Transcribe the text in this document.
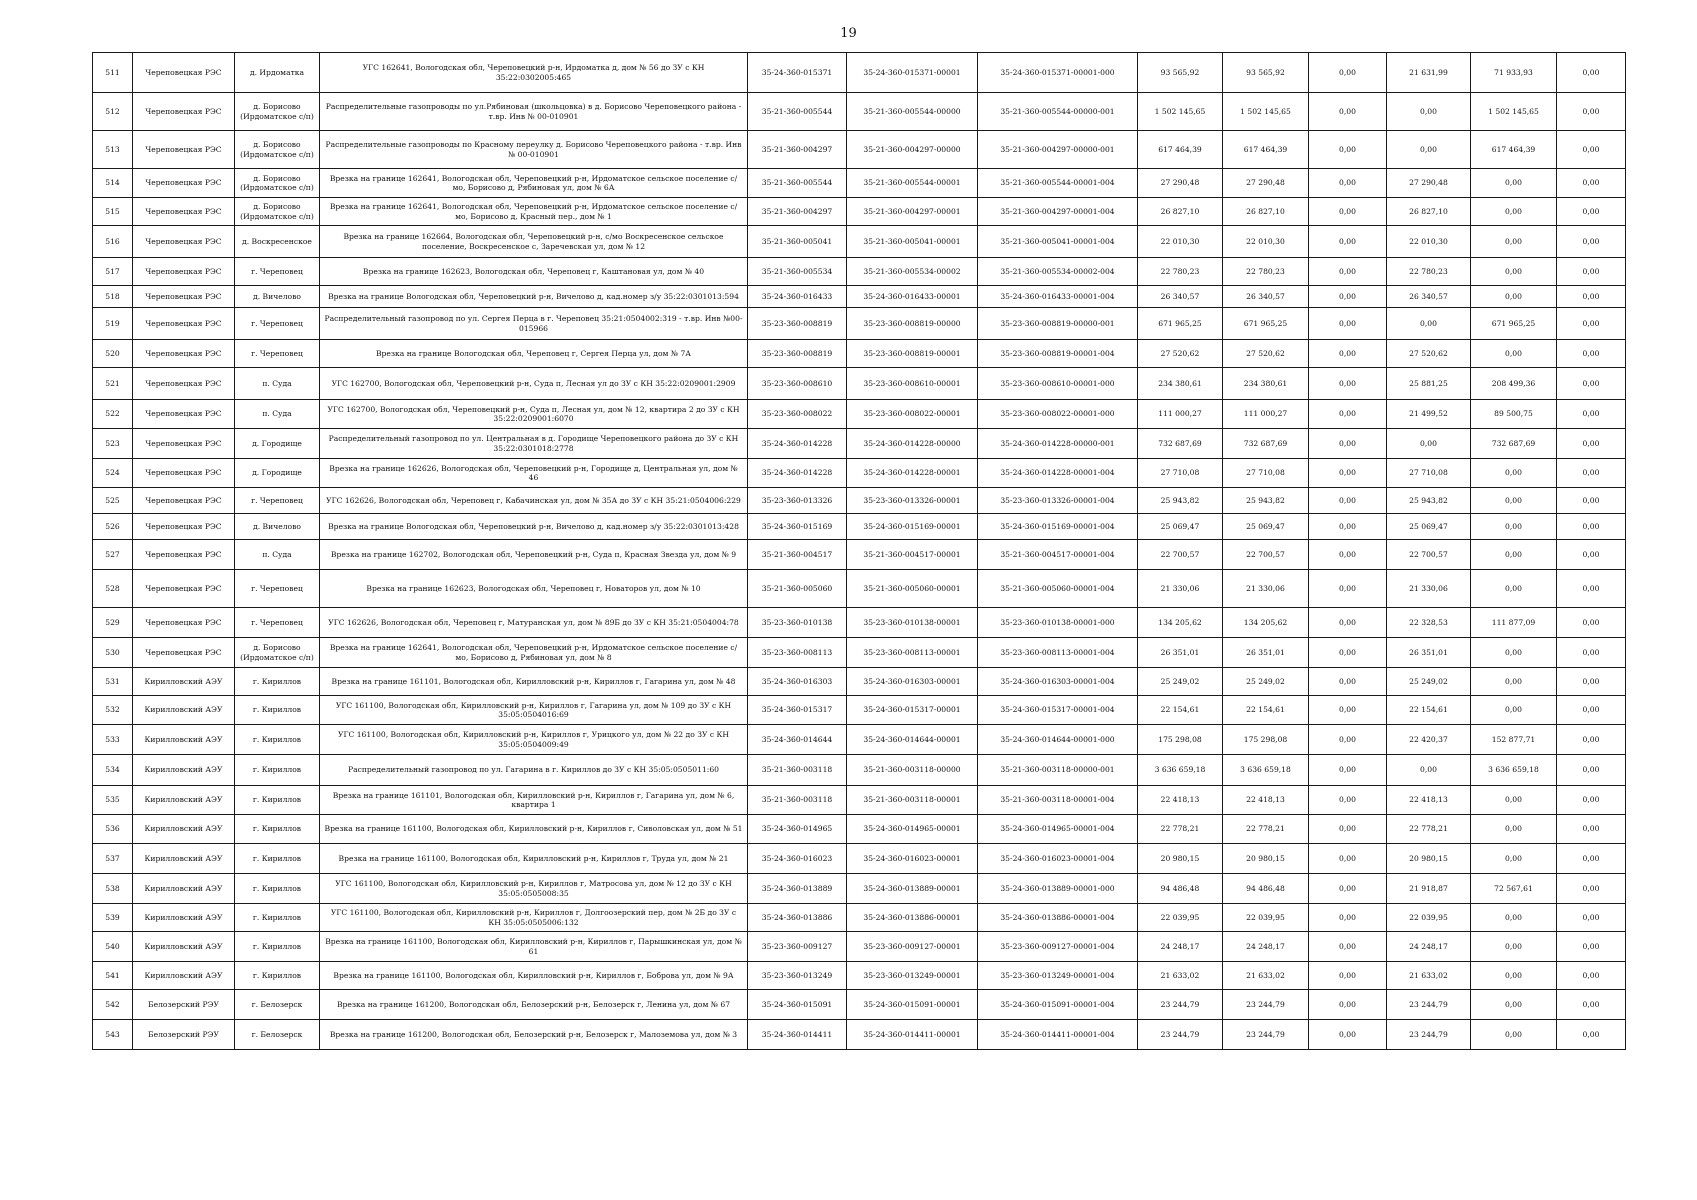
19
511	Череповецкая РЭС	д. Ирдоматка	УГС 162641, Вологодская обл, Череповецкий р-н, Ирдоматка д, дом № 56 до ЗУ с КН 35:22:0302005:465	35-24-360-015371	35-24-360-015371-00001	35-24-360-015371-00001-000	93 565,92	93 565,92	0,00	21 631,99	71 933,93	0,00
512	Череповецкая РЭС	д. Борисово (Ирдоматское с/п)	Распределительные газопроводы по ул.Рябиновая (школьцовка) в д. Борисово Череповецкого района - т.вр. Инв № 00-010901	35-21-360-005544	35-21-360-005544-00000	35-21-360-005544-00000-001	1 502 145,65	1 502 145,65	0,00	0,00	1 502 145,65	0,00
513	Череповецкая РЭС	д. Борисово (Ирдоматское с/п)	Распределительные газопроводы по Красному переулку д. Борисово Череповецкого района - т.вр. Инв № 00-010901	35-21-360-004297	35-21-360-004297-00000	35-21-360-004297-00000-001	617 464,39	617 464,39	0,00	0,00	617 464,39	0,00
514	Череповецкая РЭС	д. Борисово (Ирдоматское с/п)	Врезка на границе 162641, Вологодская обл, Череповецкий р-н, Ирдоматское сельское поселение с/мо, Борисово д, Рябиновая ул, дом № 6А	35-21-360-005544	35-21-360-005544-00001	35-21-360-005544-00001-004	27 290,48	27 290,48	0,00	27 290,48	0,00	0,00
515	Череповецкая РЭС	д. Борисово (Ирдоматское с/п)	Врезка на границе 162641, Вологодская обл, Череповецкий р-н, Ирдоматское сельское поселение с/мо, Борисово д, Красный пер., дом № 1	35-21-360-004297	35-21-360-004297-00001	35-21-360-004297-00001-004	26 827,10	26 827,10	0,00	26 827,10	0,00	0,00
516	Череповецкая РЭС	д. Воскресенское	Врезка на границе 162664, Вологодская обл, Череповецкий р-н, с/мо Воскресенское сельское поселение, Воскресенское с, Заречевская ул, дом № 12	35-21-360-005041	35-21-360-005041-00001	35-21-360-005041-00001-004	22 010,30	22 010,30	0,00	22 010,30	0,00	0,00
517	Череповецкая РЭС	г. Череповец	Врезка на границе 162623, Вологодская обл, Череповец г, Каштановая ул, дом № 40	35-21-360-005534	35-21-360-005534-00002	35-21-360-005534-00002-004	22 780,23	22 780,23	0,00	22 780,23	0,00	0,00
518	Череповецкая РЭС	д. Вичелово	Врезка на границе Вологодская обл, Череповецкий р-н, Вичелово д, кад.номер з/у 35:22:0301013:594	35-24-360-016433	35-24-360-016433-00001	35-24-360-016433-00001-004	26 340,57	26 340,57	0,00	26 340,57	0,00	0,00
519	Череповецкая РЭС	г. Череповец	Распределительный газопровод по ул. Сергея Перца в г. Череповец 35:21:0504002:319 - т.вр. Инв №00-015966	35-23-360-008819	35-23-360-008819-00000	35-23-360-008819-00000-001	671 965,25	671 965,25	0,00	0,00	671 965,25	0,00
520	Череповецкая РЭС	г. Череповец	Врезка на границе Вологодская обл, Череповец г, Сергея Перца ул, дом № 7А	35-23-360-008819	35-23-360-008819-00001	35-23-360-008819-00001-004	27 520,62	27 520,62	0,00	27 520,62	0,00	0,00
521	Череповецкая РЭС	п. Суда	УГС 162700, Вологодская обл, Череповецкий р-н, Суда п, Лесная ул до ЗУ с КН 35:22:0209001:2909	35-23-360-008610	35-23-360-008610-00001	35-23-360-008610-00001-000	234 380,61	234 380,61	0,00	25 881,25	208 499,36	0,00
522	Череповецкая РЭС	п. Суда	УГС 162700, Вологодская обл, Череповецкий р-н, Суда п, Лесная ул, дом № 12, квартира 2 до ЗУ с КН 35:22:0209001:6070	35-23-360-008022	35-23-360-008022-00001	35-23-360-008022-00001-000	111 000,27	111 000,27	0,00	21 499,52	89 500,75	0,00
523	Череповецкая РЭС	д. Городище	Распределительный газопровод по ул. Центральная в д. Городище Череповецкого района до ЗУ с КН 35:22:0301018:2778	35-24-360-014228	35-24-360-014228-00000	35-24-360-014228-00000-001	732 687,69	732 687,69	0,00	0,00	732 687,69	0,00
524	Череповецкая РЭС	д. Городище	Врезка на границе 162626, Вологодская обл, Череповецкий р-н, Городище д, Центральная ул, дом № 46	35-24-360-014228	35-24-360-014228-00001	35-24-360-014228-00001-004	27 710,08	27 710,08	0,00	27 710,08	0,00	0,00
525	Череповецкая РЭС	г. Череповец	УГС 162626, Вологодская обл, Череповец г, Кабачинская ул, дом № 35А до ЗУ с КН 35:21:0504006:229	35-23-360-013326	35-23-360-013326-00001	35-23-360-013326-00001-004	25 943,82	25 943,82	0,00	25 943,82	0,00	0,00
526	Череповецкая РЭС	д. Вичелово	Врезка на границе Вологодская обл, Череповецкий р-н, Вичелово д, кад.номер з/у 35:22:0301013:428	35-24-360-015169	35-24-360-015169-00001	35-24-360-015169-00001-004	25 069,47	25 069,47	0,00	25 069,47	0,00	0,00
527	Череповецкая РЭС	п. Суда	Врезка на границе 162702, Вологодская обл, Череповецкий р-н, Суда п, Красная Звезда ул, дом № 9	35-21-360-004517	35-21-360-004517-00001	35-21-360-004517-00001-004	22 700,57	22 700,57	0,00	22 700,57	0,00	0,00
528	Череповецкая РЭС	г. Череповец	Врезка на границе 162623, Вологодская обл, Череповец г, Новаторов ул, дом № 10	35-21-360-005060	35-21-360-005060-00001	35-21-360-005060-00001-004	21 330,06	21 330,06	0,00	21 330,06	0,00	0,00
529	Череповецкая РЭС	г. Череповец	УГС 162626, Вологодская обл, Череповец г, Матуранская ул, дом № 89Б до ЗУ с КН 35:21:0504004:78	35-23-360-010138	35-23-360-010138-00001	35-23-360-010138-00001-000	134 205,62	134 205,62	0,00	22 328,53	111 877,09	0,00
530	Череповецкая РЭС	д. Борисово (Ирдоматское с/п)	Врезка на границе 162641, Вологодская обл, Череповецкий р-н, Ирдоматское сельское поселение с/мо, Борисово д, Рябиновая ул, дом № 8	35-23-360-008113	35-23-360-008113-00001	35-23-360-008113-00001-004	26 351,01	26 351,01	0,00	26 351,01	0,00	0,00
531	Кирилловский АЭУ	г. Кириллов	Врезка на границе 161101, Вологодская обл, Кирилловский р-н, Кириллов г, Гагарина ул, дом № 48	35-24-360-016303	35-24-360-016303-00001	35-24-360-016303-00001-004	25 249,02	25 249,02	0,00	25 249,02	0,00	0,00
532	Кирилловский АЭУ	г. Кириллов	УГС 161100, Вологодская обл, Кирилловский р-н, Кириллов г, Гагарина ул, дом № 109 до ЗУ с КН 35:05:0504016:69	35-24-360-015317	35-24-360-015317-00001	35-24-360-015317-00001-004	22 154,61	22 154,61	0,00	22 154,61	0,00	0,00
533	Кирилловский АЭУ	г. Кириллов	УГС 161100, Вологодская обл, Кирилловский р-н, Кириллов г, Урицкого ул, дом № 22 до ЗУ с КН 35:05:0504009:49	35-24-360-014644	35-24-360-014644-00001	35-24-360-014644-00001-000	175 298,08	175 298,08	0,00	22 420,37	152 877,71	0,00
534	Кирилловский АЭУ	г. Кириллов	Распределительный газопровод по ул. Гагарина в г. Кириллов до ЗУ с КН 35:05:0505011:60	35-21-360-003118	35-21-360-003118-00000	35-21-360-003118-00000-001	3 636 659,18	3 636 659,18	0,00	0,00	3 636 659,18	0,00
535	Кирилловский АЭУ	г. Кириллов	Врезка на границе 161101, Вологодская обл, Кирилловский р-н, Кириллов г, Гагарина ул, дом № 6, квартира 1	35-21-360-003118	35-21-360-003118-00001	35-21-360-003118-00001-004	22 418,13	22 418,13	0,00	22 418,13	0,00	0,00
536	Кирилловский АЭУ	г. Кириллов	Врезка на границе 161100, Вологодская обл, Кирилловский р-н, Кириллов г, Сиволовская ул, дом № 51	35-24-360-014965	35-24-360-014965-00001	35-24-360-014965-00001-004	22 778,21	22 778,21	0,00	22 778,21	0,00	0,00
537	Кирилловский АЭУ	г. Кириллов	Врезка на границе 161100, Вологодская обл, Кирилловский р-н, Кириллов г, Труда ул, дом № 21	35-24-360-016023	35-24-360-016023-00001	35-24-360-016023-00001-004	20 980,15	20 980,15	0,00	20 980,15	0,00	0,00
538	Кирилловский АЭУ	г. Кириллов	УГС 161100, Вологодская обл, Кирилловский р-н, Кириллов г, Матросова ул, дом № 12 до ЗУ с КН 35:05:0505008:35	35-24-360-013889	35-24-360-013889-00001	35-24-360-013889-00001-000	94 486,48	94 486,48	0,00	21 918,87	72 567,61	0,00
539	Кирилловский АЭУ	г. Кириллов	УГС 161100, Вологодская обл, Кирилловский р-н, Кириллов г, Долгоозерский пер, дом № 2Б до ЗУ с КН 35:05:0505006:132	35-24-360-013886	35-24-360-013886-00001	35-24-360-013886-00001-004	22 039,95	22 039,95	0,00	22 039,95	0,00	0,00
540	Кирилловский АЭУ	г. Кириллов	Врезка на границе 161100, Вологодская обл, Кирилловский р-н, Кириллов г, Парышкинская ул, дом № 61	35-23-360-009127	35-23-360-009127-00001	35-23-360-009127-00001-004	24 248,17	24 248,17	0,00	24 248,17	0,00	0,00
541	Кирилловский АЭУ	г. Кириллов	Врезка на границе 161100, Вологодская обл, Кирилловский р-н, Кириллов г, Боброва ул, дом № 9А	35-23-360-013249	35-23-360-013249-00001	35-23-360-013249-00001-004	21 633,02	21 633,02	0,00	21 633,02	0,00	0,00
542	Белозерский РЭУ	г. Белозерск	Врезка на границе 161200, Вологодская обл, Белозерский р-н, Белозерск г, Ленина ул, дом № 67	35-24-360-015091	35-24-360-015091-00001	35-24-360-015091-00001-004	23 244,79	23 244,79	0,00	23 244,79	0,00	0,00
543	Белозерский РЭУ	г. Белозерск	Врезка на границе 161200, Вологодская обл, Белозерский р-н, Белозерск г, Малоземова ул, дом № 3	35-24-360-014411	35-24-360-014411-00001	35-24-360-014411-00001-004	23 244,79	23 244,79	0,00	23 244,79	0,00	0,00
